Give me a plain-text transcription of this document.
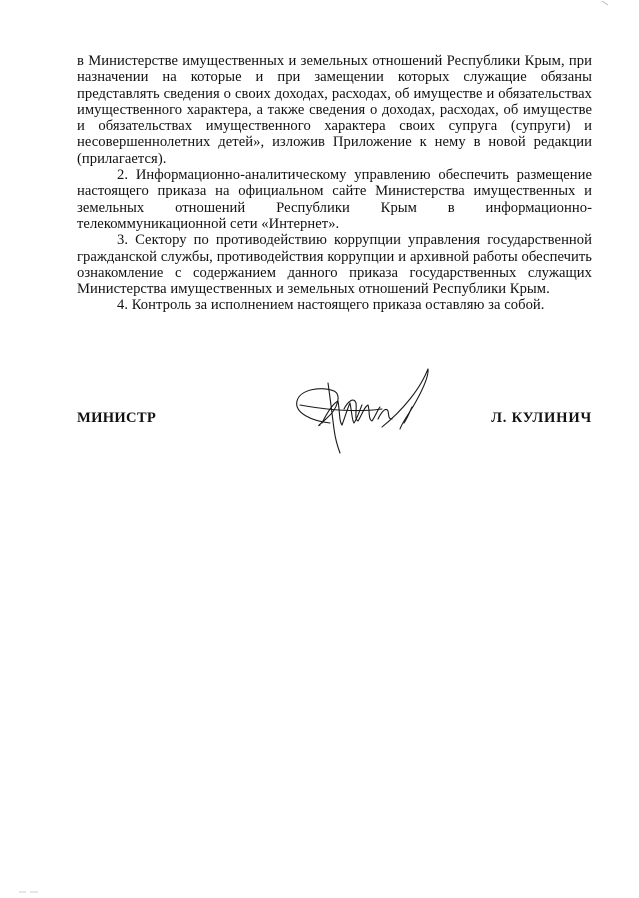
в Министерстве имущественных и земельных отношений Республики Крым, при назначении на которые и при замещении которых служащие обязаны представлять сведения о своих доходах, расходах, об имуществе и обязательствах имущественного характера, а также сведения о доходах, расходах, об имуществе и обязательствах имущественного характера своих супруга (супруги) и несовершеннолетних детей», изложив Приложение к нему в новой редакции (прилагается).

2. Информационно-аналитическому управлению обеспечить размещение настоящего приказа на официальном сайте Министерства имущественных и земельных отношений Республики Крым в информационно-телекоммуникационной сети «Интернет».

3. Сектору по противодействию коррупции управления государственной гражданской службы, противодействия коррупции и архивной работы обеспечить ознакомление с содержанием данного приказа государственных служащих Министерства имущественных и земельных отношений Республики Крым.

4. Контроль за исполнением настоящего приказа оставляю за собой.

МИНИСТР	Л. КУЛИНИЧ
